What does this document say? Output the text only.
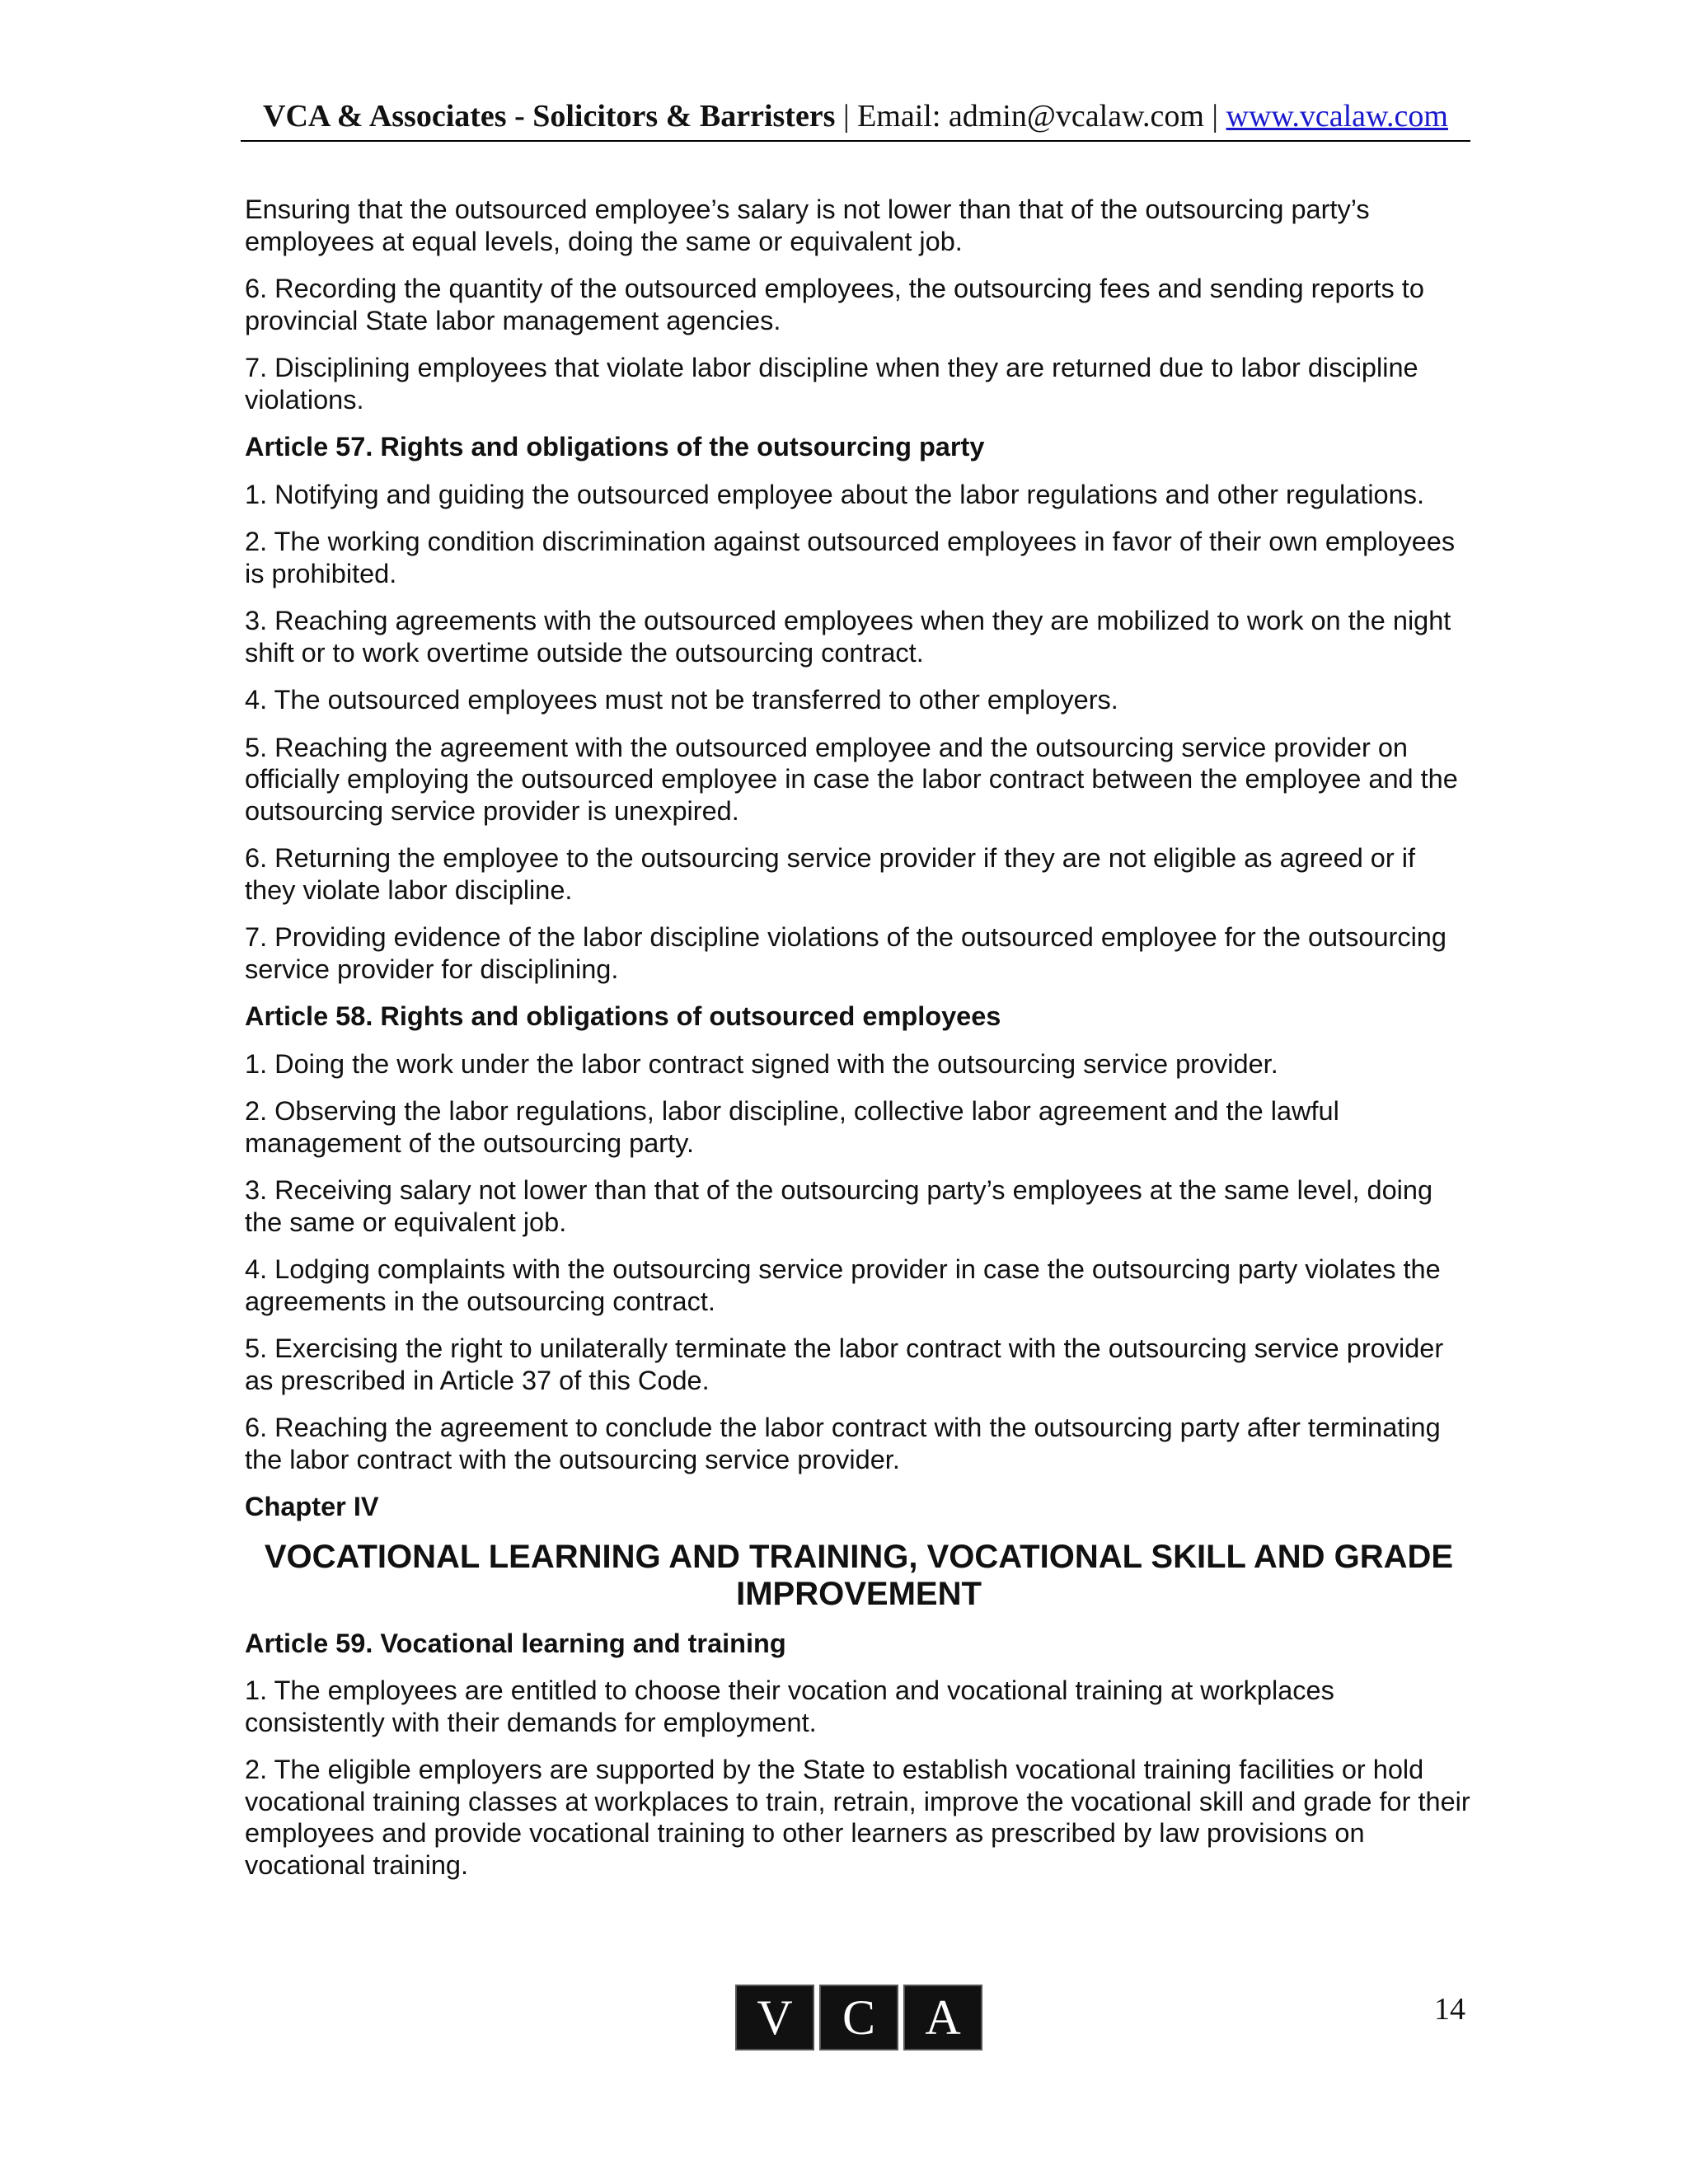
VCA & Associates - Solicitors & Barristers | Email: admin@vcalaw.com | www.vcalaw.com

Ensuring that the outsourced employee’s salary is not lower than that of the outsourcing party’s employees at equal levels, doing the same or equivalent job.

6. Recording the quantity of the outsourced employees, the outsourcing fees and sending reports to provincial State labor management agencies.

7. Disciplining employees that violate labor discipline when they are returned due to labor discipline violations.

Article 57. Rights and obligations of the outsourcing party

1. Notifying and guiding the outsourced employee about the labor regulations and other regulations.

2. The working condition discrimination against outsourced employees in favor of their own employees is prohibited.

3. Reaching agreements with the outsourced employees when they are mobilized to work on the night shift or to work overtime outside the outsourcing contract.

4. The outsourced employees must not be transferred to other employers.

5. Reaching the agreement with the outsourced employee and the outsourcing service provider on officially employing the outsourced employee in case the labor contract between the employee and the outsourcing service provider is unexpired.

6. Returning the employee to the outsourcing service provider if they are not eligible as agreed or if they violate labor discipline.

7. Providing evidence of the labor discipline violations of the outsourced employee for the outsourcing service provider for disciplining.

Article 58. Rights and obligations of outsourced employees

1. Doing the work under the labor contract signed with the outsourcing service provider.

2. Observing the labor regulations, labor discipline, collective labor agreement and the lawful management of the outsourcing party.

3. Receiving salary not lower than that of the outsourcing party’s employees at the same level, doing the same or equivalent job.

4. Lodging complaints with the outsourcing service provider in case the outsourcing party violates the agreements in the outsourcing contract.

5. Exercising the right to unilaterally terminate the labor contract with the outsourcing service provider as prescribed in Article 37 of this Code.

6. Reaching the agreement to conclude the labor contract with the outsourcing party after terminating the labor contract with the outsourcing service provider.

Chapter IV

VOCATIONAL LEARNING AND TRAINING, VOCATIONAL SKILL AND GRADE IMPROVEMENT

Article 59. Vocational learning and training

1. The employees are entitled to choose their vocation and vocational training at workplaces consistently with their demands for employment.

2. The eligible employers are supported by the State to establish vocational training facilities or hold vocational training classes at workplaces to train, retrain, improve the vocational skill and grade for their employees and provide vocational training to other learners as prescribed by law provisions on vocational training.

V	C	A	14
